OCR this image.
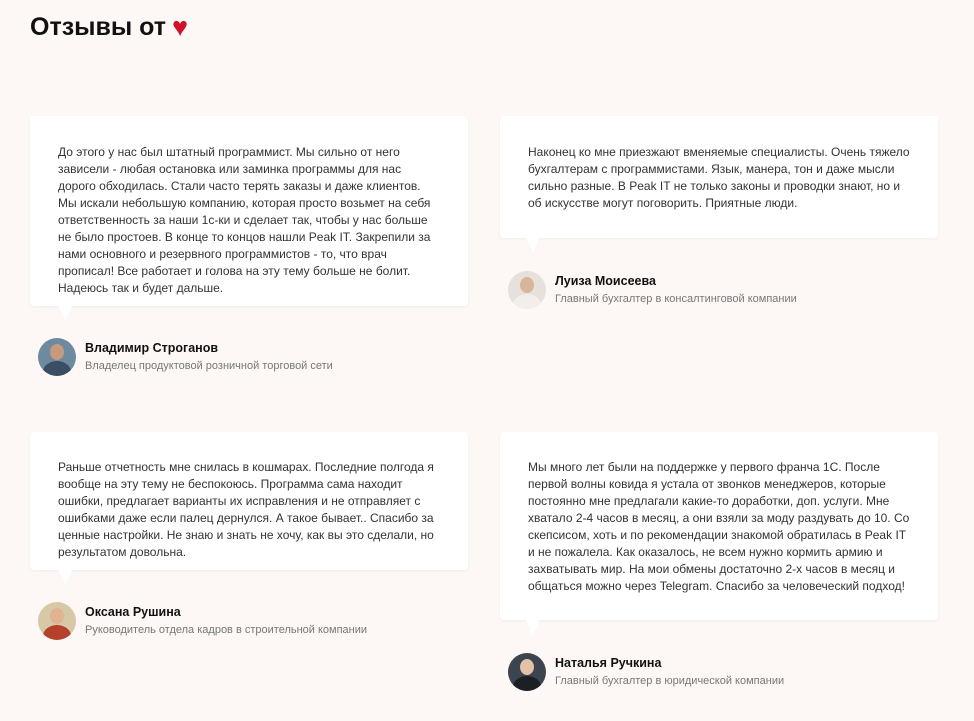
Отзывы от ♥

До этого у нас был штатный программист. Мы сильно от него зависели - любая остановка или заминка программы для нас дорого обходилась. Стали часто терять заказы и даже клиентов. Мы искали небольшую компанию, которая просто возьмет на себя ответственность за наши 1с-ки и сделает так, чтобы у нас больше не было простоев. В конце то концов нашли Peak IT. Закрепили за нами основного и резервного программистов - то, что врач прописал! Все работает и голова на эту тему больше не болит. Надеюсь так и будет дальше.

Владимир Строганов
Владелец продуктовой розничной торговой сети

Наконец ко мне приезжают вменяемые специалисты. Очень тяжело бухгалтерам с программистами. Язык, манера, тон и даже мысли сильно разные. В Peak IT не только законы и проводки знают, но и об искусстве могут поговорить. Приятные люди.

Луиза Моисеева
Главный бухгалтер в консалтинговой компании

Раньше отчетность мне снилась в кошмарах. Последние полгода я вообще на эту тему не беспокоюсь. Программа сама находит ошибки, предлагает варианты их исправления и не отправляет с ошибками даже если палец дернулся. А такое бывает.. Спасибо за ценные настройки. Не знаю и знать не хочу, как вы это сделали, но результатом довольна.

Оксана Рушина
Руководитель отдела кадров в строительной компании

Мы много лет были на поддержке у первого франча 1С. После первой волны ковида я устала от звонков менеджеров, которые постоянно мне предлагали какие-то доработки, доп. услуги. Мне хватало 2-4 часов в месяц, а они взяли за моду раздувать до 10. Со скепсисом, хоть и по рекомендации знакомой обратилась в Peak IT и не пожалела. Как оказалось, не всем нужно кормить армию и захватывать мир. На мои обмены достаточно 2-х часов в месяц и общаться можно через Telegram. Спасибо за человеческий подход!

Наталья Ручкина
Главный бухгалтер в юридической компании
